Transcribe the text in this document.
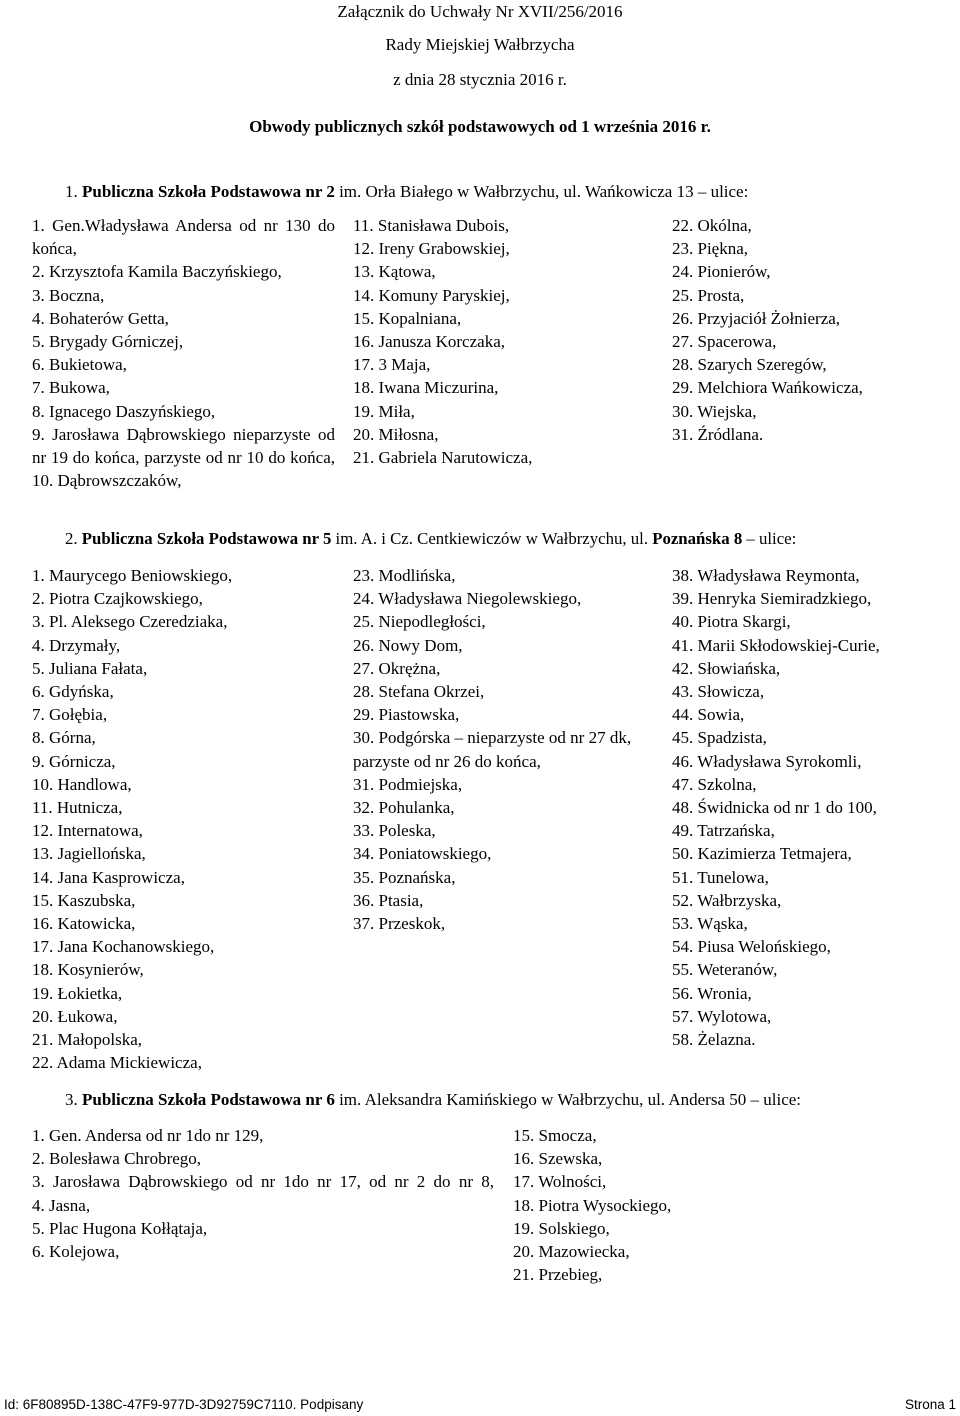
Załącznik do Uchwały Nr XVII/256/2016
Rady Miejskiej Wałbrzycha
z dnia 28 stycznia 2016 r.
Obwody publicznych szkół podstawowych od 1 września 2016 r.
1. Publiczna Szkoła Podstawowa nr 2 im. Orła Białego w Wałbrzychu, ul. Wańkowicza 13 – ulice:
1. Gen.Władysława Andersa od nr 130 do końca,
2. Krzysztofa Kamila Baczyńskiego,
3. Boczna,
4. Bohaterów Getta,
5. Brygady Górniczej,
6. Bukietowa,
7. Bukowa,
8. Ignacego Daszyńskiego,
9. Jarosława Dąbrowskiego nieparzyste od nr 19 do końca, parzyste od nr 10 do końca,
10. Dąbrowszczaków,
11. Stanisława Dubois,
12. Ireny Grabowskiej,
13. Kątowa,
14. Komuny Paryskiej,
15. Kopalniana,
16. Janusza Korczaka,
17. 3 Maja,
18. Iwana Miczurina,
19. Miła,
20. Miłosna,
21. Gabriela Narutowicza,
22. Okólna,
23. Piękna,
24. Pionierów,
25. Prosta,
26. Przyjaciół Żołnierza,
27. Spacerowa,
28. Szarych Szeregów,
29. Melchiora Wańkowicza,
30. Wiejska,
31. Źródlana.
2. Publiczna Szkoła Podstawowa nr 5 im. A. i Cz. Centkiewiczów w Wałbrzychu, ul. Poznańska 8 – ulice:
1. Maurycego Beniowskiego,
2. Piotra Czajkowskiego,
3. Pl. Aleksego Czeredziaka,
4. Drzymały,
5. Juliana Fałata,
6. Gdyńska,
7. Gołębia,
8. Górna,
9. Górnicza,
10. Handlowa,
11. Hutnicza,
12. Internatowa,
13. Jagiellońska,
14. Jana Kasprowicza,
15. Kaszubska,
16. Katowicka,
17. Jana Kochanowskiego,
18. Kosynierów,
19. Łokietka,
20. Łukowa,
21. Małopolska,
22. Adama Mickiewicza,
23. Modlińska,
24. Władysława Niegolewskiego,
25. Niepodległości,
26. Nowy Dom,
27. Okrężna,
28. Stefana Okrzei,
29. Piastowska,
30. Podgórska – nieparzyste od nr 27 dk, parzyste od nr 26 do końca,
31. Podmiejska,
32. Pohulanka,
33. Poleska,
34. Poniatowskiego,
35. Poznańska,
36. Ptasia,
37. Przeskok,
38. Władysława Reymonta,
39. Henryka Siemiradzkiego,
40. Piotra Skargi,
41. Marii Skłodowskiej-Curie,
42. Słowiańska,
43. Słowicza,
44. Sowia,
45. Spadzista,
46. Władysława Syrokomli,
47. Szkolna,
48. Świdnicka od nr 1 do 100,
49. Tatrzańska,
50. Kazimierza Tetmajera,
51. Tunelowa,
52. Wałbrzyska,
53. Wąska,
54. Piusa Welońskiego,
55. Weteranów,
56. Wronia,
57. Wylotowa,
58. Żelazna.
3. Publiczna Szkoła Podstawowa nr 6 im. Aleksandra Kamińskiego w Wałbrzychu, ul. Andersa 50 – ulice:
1. Gen. Andersa od nr 1do nr 129,
2. Bolesława Chrobrego,
3. Jarosława Dąbrowskiego od nr 1do nr 17, od nr 2 do nr 8,
4. Jasna,
5. Plac Hugona Kołłątaja,
6. Kolejowa,
15. Smocza,
16. Szewska,
17. Wolności,
18. Piotra Wysockiego,
19. Solskiego,
20. Mazowiecka,
21. Przebieg,
Id: 6F80895D-138C-47F9-977D-3D92759C7110. Podpisany	Strona 1
